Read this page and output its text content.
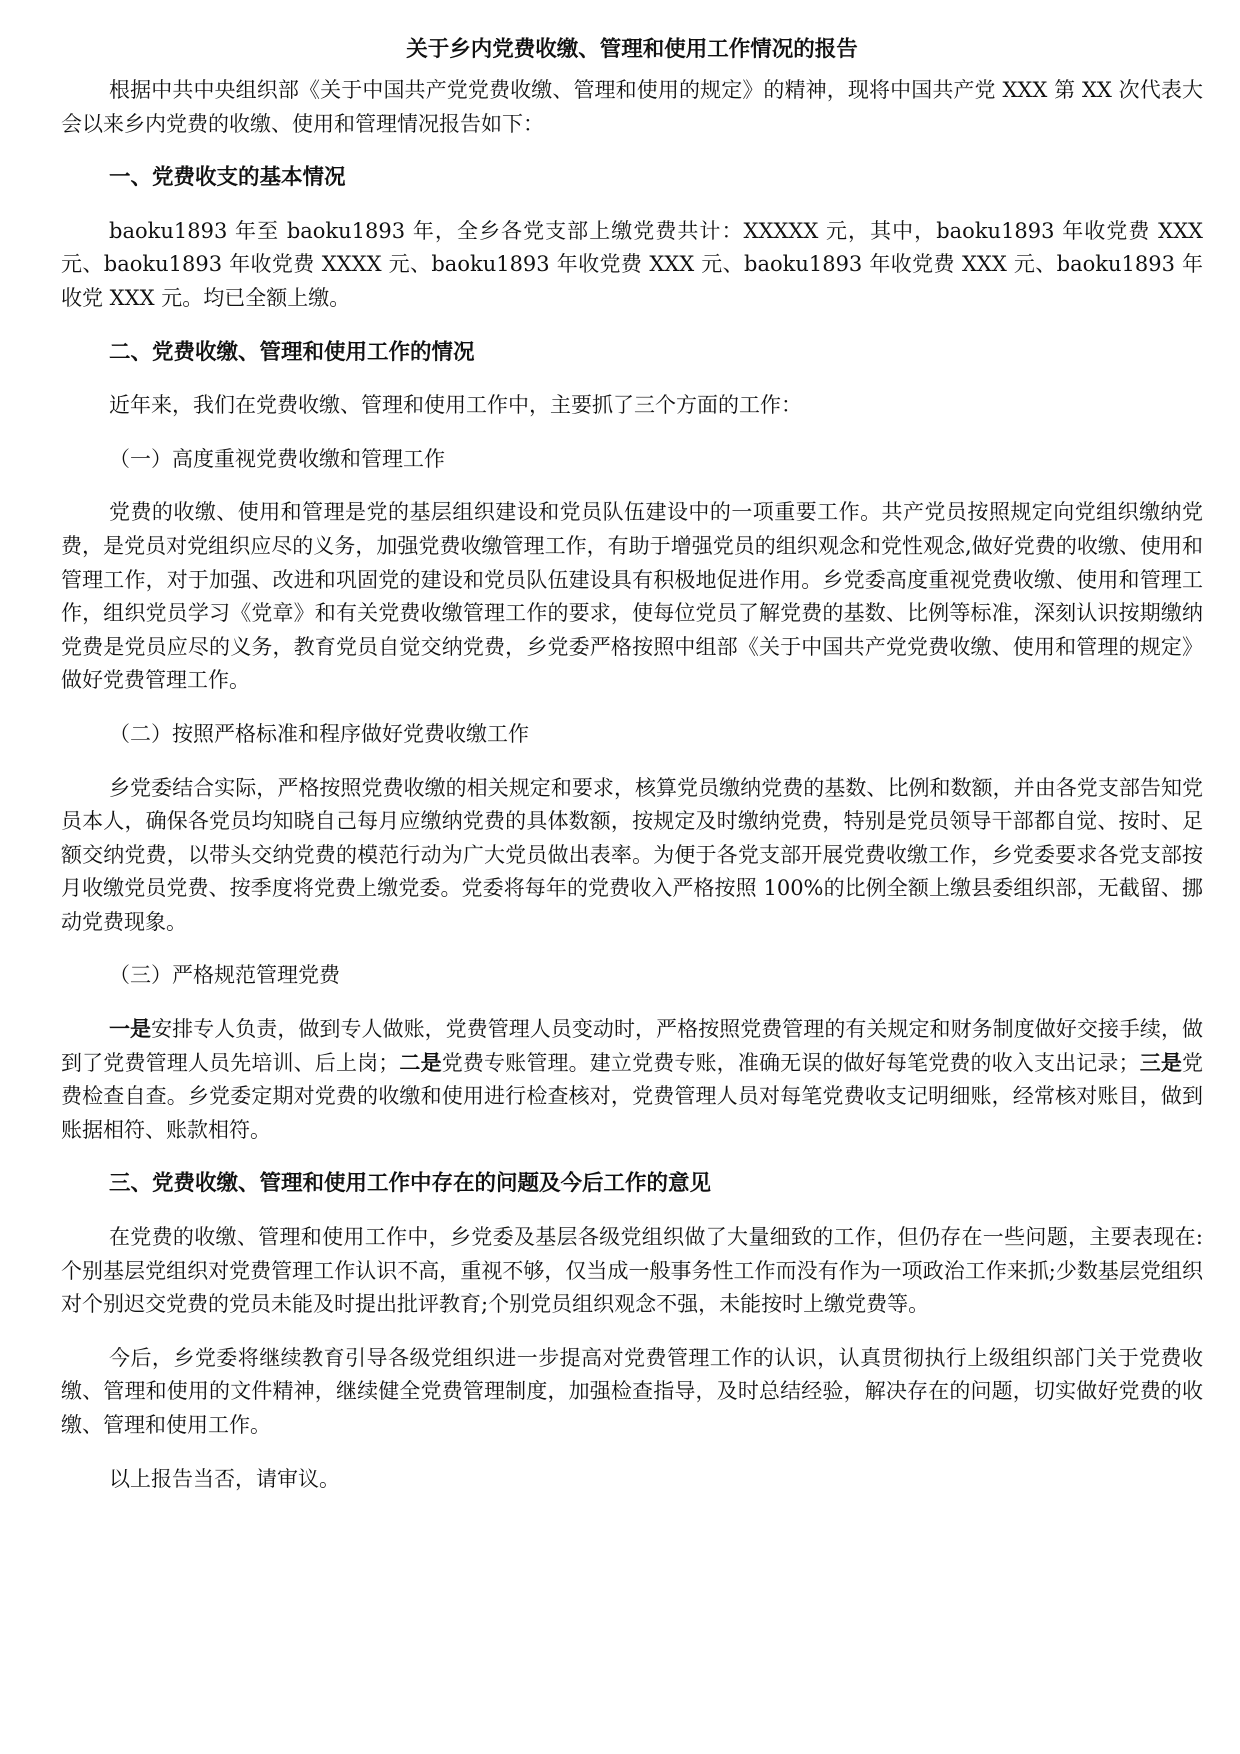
关于乡内党费收缴、管理和使用工作情况的报告

根据中共中央组织部《关于中国共产党党费收缴、管理和使用的规定》的精神，现将中国共产党 XXX 第 XX 次代表大会以来乡内党费的收缴、使用和管理情况报告如下：

一、党费收支的基本情况

baoku1893 年至 baoku1893 年，全乡各党支部上缴党费共计：XXXXX 元，其中，baoku1893 年收党费 XXX 元、baoku1893 年收党费 XXXX 元、baoku1893 年收党费 XXX 元、baoku1893 年收党费 XXX 元、baoku1893 年收党 XXX 元。均已全额上缴。

二、党费收缴、管理和使用工作的情况

近年来，我们在党费收缴、管理和使用工作中，主要抓了三个方面的工作：

（一）高度重视党费收缴和管理工作

党费的收缴、使用和管理是党的基层组织建设和党员队伍建设中的一项重要工作。共产党员按照规定向党组织缴纳党费，是党员对党组织应尽的义务，加强党费收缴管理工作，有助于增强党员的组织观念和党性观念,做好党费的收缴、使用和管理工作，对于加强、改进和巩固党的建设和党员队伍建设具有积极地促进作用。乡党委高度重视党费收缴、使用和管理工作，组织党员学习《党章》和有关党费收缴管理工作的要求，使每位党员了解党费的基数、比例等标准，深刻认识按期缴纳党费是党员应尽的义务，教育党员自觉交纳党费，乡党委严格按照中组部《关于中国共产党党费收缴、使用和管理的规定》做好党费管理工作。

（二）按照严格标准和程序做好党费收缴工作

乡党委结合实际，严格按照党费收缴的相关规定和要求，核算党员缴纳党费的基数、比例和数额，并由各党支部告知党员本人，确保各党员均知晓自己每月应缴纳党费的具体数额，按规定及时缴纳党费，特别是党员领导干部都自觉、按时、足额交纳党费，以带头交纳党费的模范行动为广大党员做出表率。为便于各党支部开展党费收缴工作，乡党委要求各党支部按月收缴党员党费、按季度将党费上缴党委。党委将每年的党费收入严格按照 100%的比例全额上缴县委组织部，无截留、挪动党费现象。

（三）严格规范管理党费

一是安排专人负责，做到专人做账，党费管理人员变动时，严格按照党费管理的有关规定和财务制度做好交接手续，做到了党费管理人员先培训、后上岗；二是党费专账管理。建立党费专账，准确无误的做好每笔党费的收入支出记录；三是党费检查自查。乡党委定期对党费的收缴和使用进行检查核对，党费管理人员对每笔党费收支记明细账，经常核对账目，做到账据相符、账款相符。

三、党费收缴、管理和使用工作中存在的问题及今后工作的意见

在党费的收缴、管理和使用工作中，乡党委及基层各级党组织做了大量细致的工作，但仍存在一些问题，主要表现在:个别基层党组织对党费管理工作认识不高，重视不够，仅当成一般事务性工作而没有作为一项政治工作来抓;少数基层党组织对个别迟交党费的党员未能及时提出批评教育;个别党员组织观念不强，未能按时上缴党费等。

今后，乡党委将继续教育引导各级党组织进一步提高对党费管理工作的认识，认真贯彻执行上级组织部门关于党费收缴、管理和使用的文件精神，继续健全党费管理制度，加强检查指导，及时总结经验，解决存在的问题，切实做好党费的收缴、管理和使用工作。

以上报告当否，请审议。
